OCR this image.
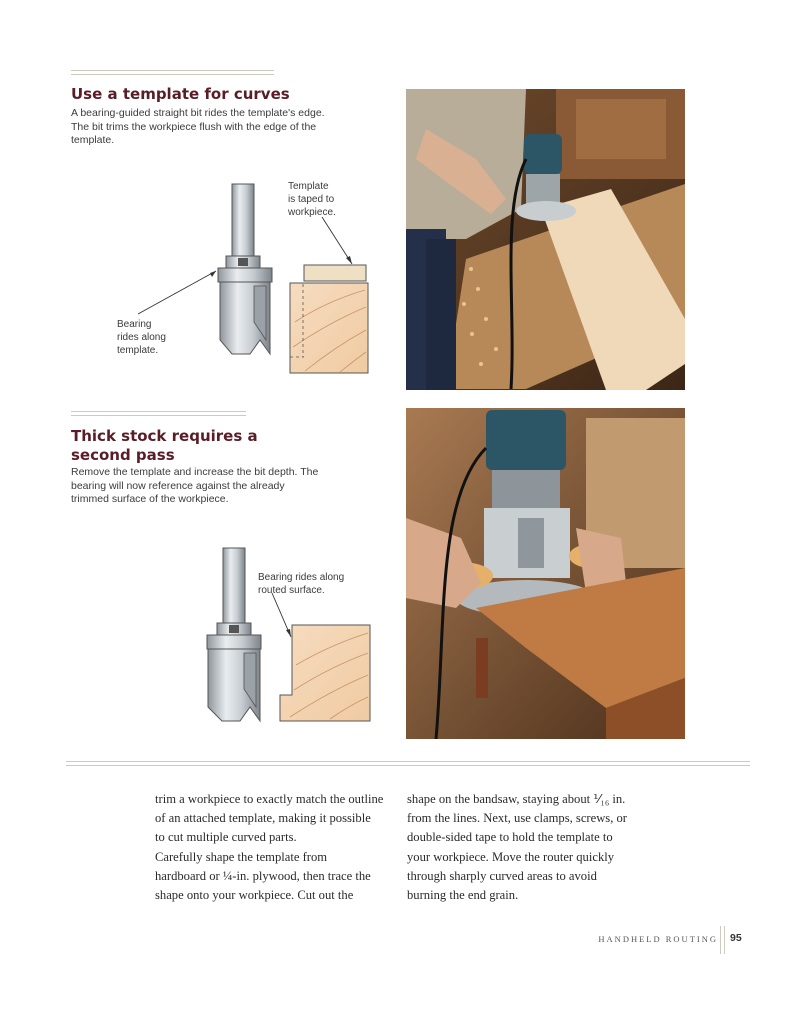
Use a template for curves
A bearing-guided straight bit rides the template's edge. The bit trims the workpiece flush with the edge of the template.
Template
is taped to
workpiece.
Bearing
rides along
template.
Thick stock requires a second pass
Remove the template and increase the bit depth. The bearing will now reference against the already trimmed surface of the workpiece.
Bearing rides along
routed surface.
trim a workpiece to exactly match the outline
of an attached template, making it possible
to cut multiple curved parts.
Carefully shape the template from
hardboard or ¼-in. plywood, then trace the
shape onto your workpiece. Cut out the
shape on the bandsaw, staying about ⅟₁₆ in.
from the lines. Next, use clamps, screws, or
double-sided tape to hold the template to
your workpiece. Move the router quickly
through sharply curved areas to avoid
burning the end grain.
HANDHELD ROUTING 95
